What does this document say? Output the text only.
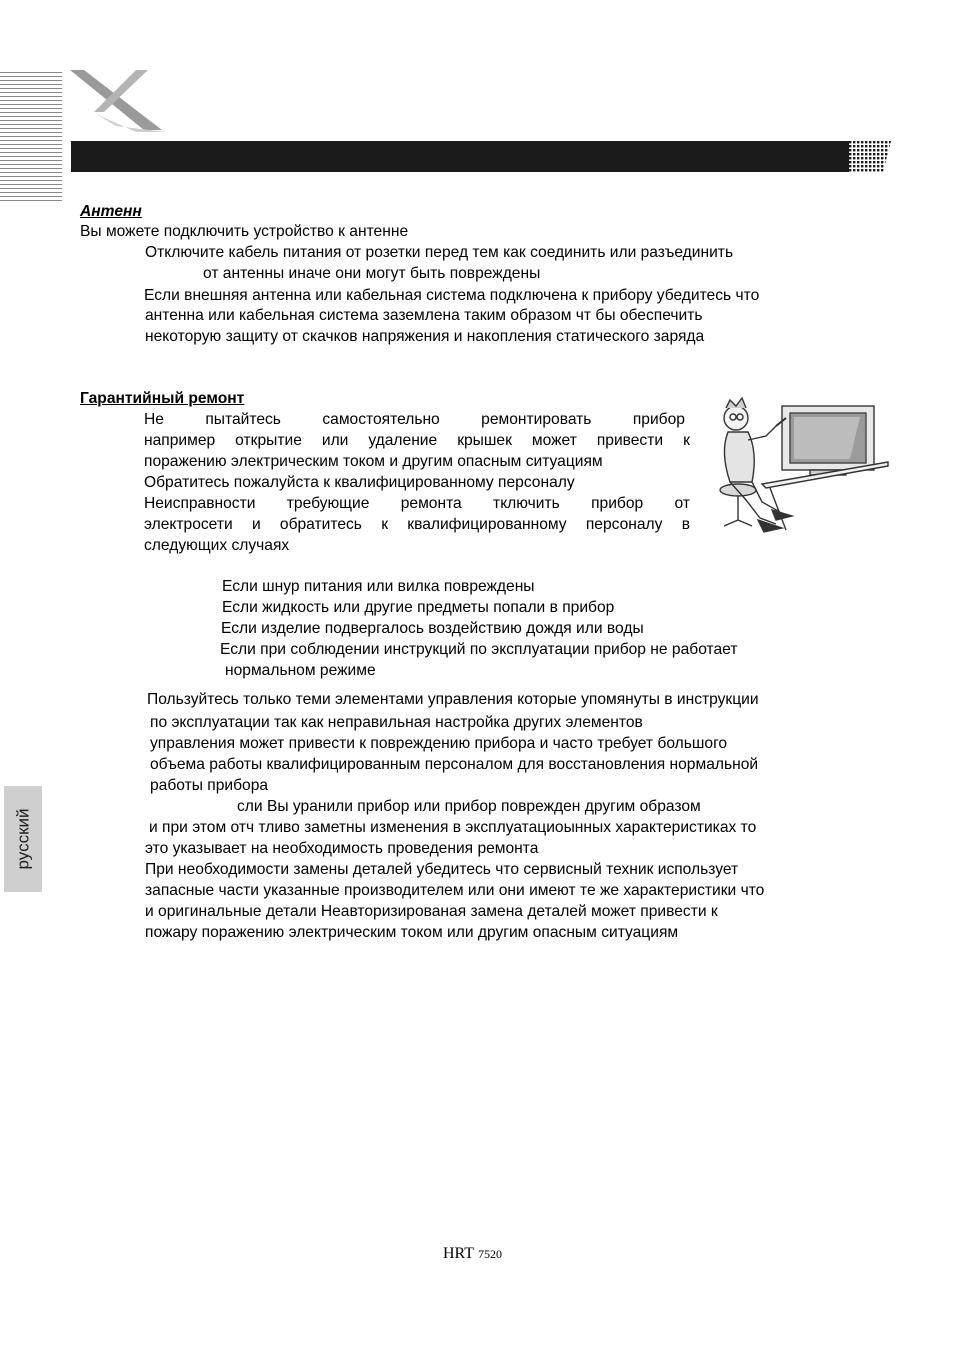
русский
Антенн
Вы можете подключить устройство к антенне
Отключите кабель питания от розетки перед тем как соединить или разъединить
от антенны иначе они могут быть повреждены
Если внешняя антенна или кабельная система подключена к прибору убедитесь что
антенна или кабельная система заземлена таким образом чт бы обеспечить
некоторую защиту от скачков напряжения и накопления статического заряда
Гарантийный ремонт
Не	пытайтесь	самостоятельно	ремонтировать	прибор
например открытие или удаление крышек может привести к
поражению электрическим током и другим опасным ситуациям
Обратитесь пожалуйста к квалифицированному персоналу
Неисправности требующие ремонта тключить прибор от
электросети и обратитесь к квалифицированному персоналу в
следующих случаях
Если шнур питания или вилка повреждены
Если жидкость или другие предметы попали в прибор
Если изделие подвергалось воздействию дождя или воды
Если при соблюдении инструкций по эксплуатации прибор не работает
нормальном режиме
Пользуйтесь только теми элементами управления которые упомянуты в инструкции
по эксплуатации так как неправильная настройка других элементов
управления может привести к повреждению прибора и часто требует большого
объема работы квалифицированным персоналом для восстановления нормальной
работы прибора
сли Вы уранили прибор или прибор поврежден другим образом
и при этом отч тливо заметны изменения в эксплуатациоынных характеристиках то
это указывает на необходимость проведения ремонта
При необходимости замены деталей убедитесь что сервисный техник использует
запасные части указанные производителем или они имеют те же характеристики что
и оригинальные детали Неавторизированая замена деталей может привести к
пожару поражению электрическим током или другим опасным ситуациям
HRT 7520
